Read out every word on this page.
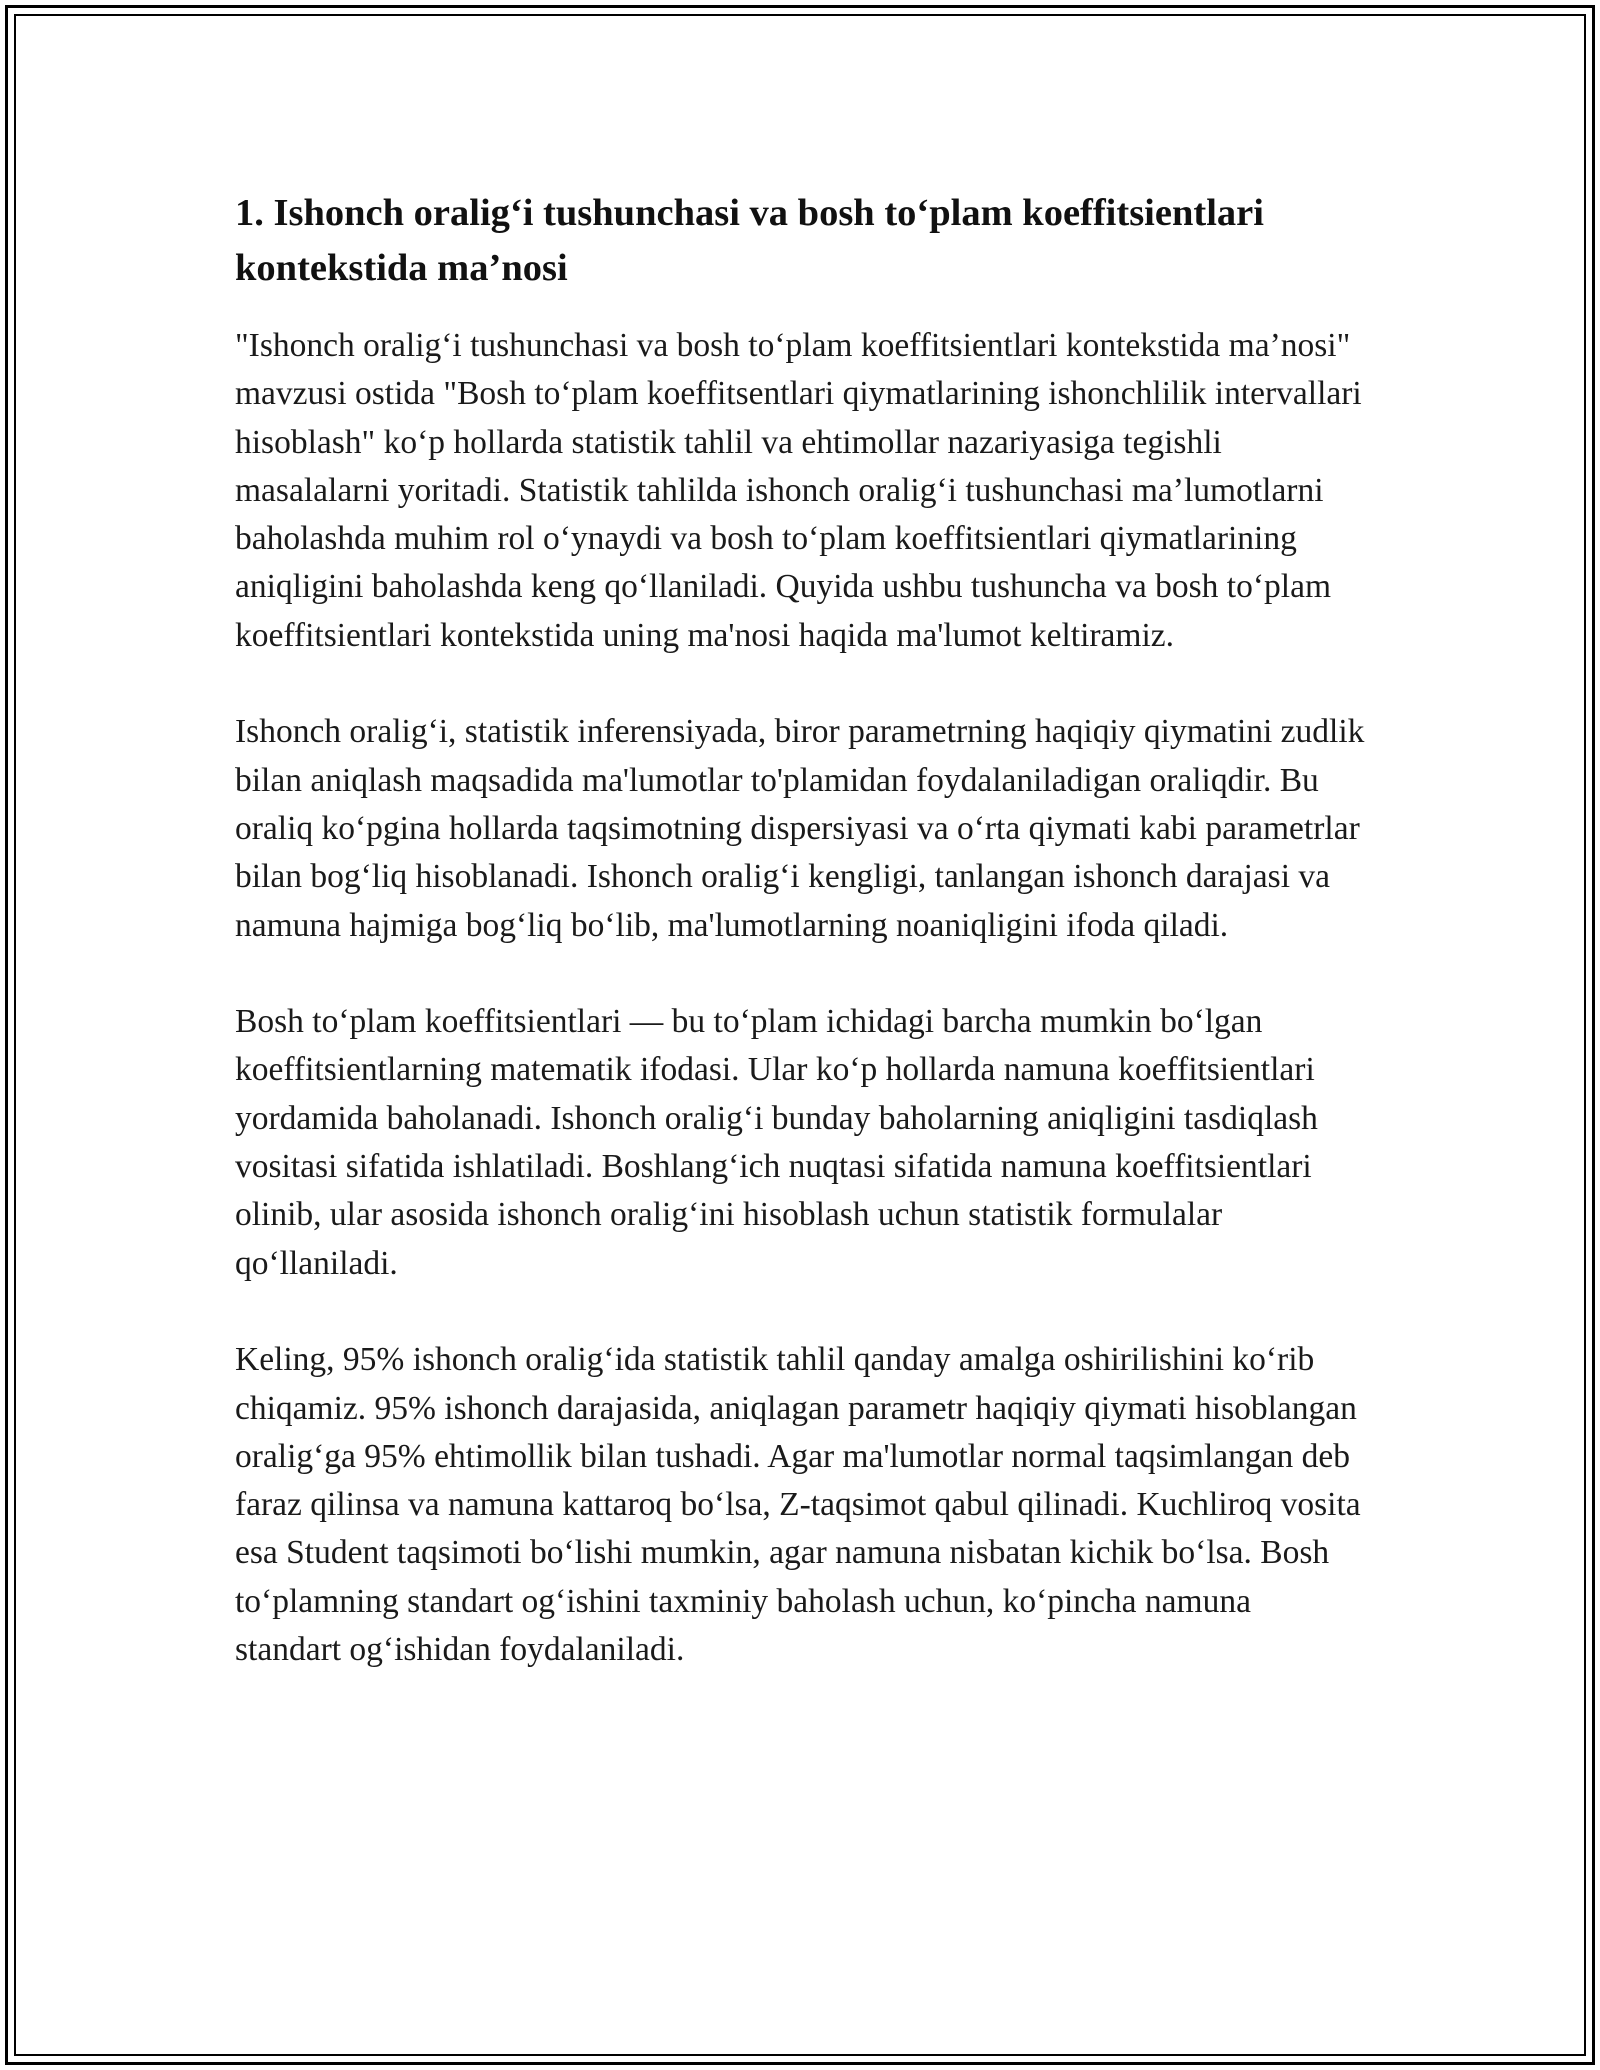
1. Ishonch oralig‘i tushunchasi va bosh to‘plam koeffitsientlari kontekstida ma’nosi

"Ishonch oralig‘i tushunchasi va bosh to‘plam koeffitsientlari kontekstida ma’nosi" mavzusi ostida "Bosh to‘plam koeffitsentlari qiymatlarining ishonchlilik intervallari hisoblash" ko‘p hollarda statistik tahlil va ehtimollar nazariyasiga tegishli masalalarni yoritadi. Statistik tahlilda ishonch oralig‘i tushunchasi ma’lumotlarni baholashda muhim rol o‘ynaydi va bosh to‘plam koeffitsientlari qiymatlarining aniqligini baholashda keng qo‘llaniladi. Quyida ushbu tushuncha va bosh to‘plam koeffitsientlari kontekstida uning ma'nosi haqida ma'lumot keltiramiz.

Ishonch oralig‘i, statistik inferensiyada, biror parametrning haqiqiy qiymatini zudlik bilan aniqlash maqsadida ma'lumotlar to'plamidan foydalaniladigan oraliqdir. Bu oraliq ko‘pgina hollarda taqsimotning dispersiyasi va o‘rta qiymati kabi parametrlar bilan bog‘liq hisoblanadi. Ishonch oralig‘i kengligi, tanlangan ishonch darajasi va namuna hajmiga bog‘liq bo‘lib, ma'lumotlarning noaniqligini ifoda qiladi.

Bosh to‘plam koeffitsientlari — bu to‘plam ichidagi barcha mumkin bo‘lgan koeffitsientlarning matematik ifodasi. Ular ko‘p hollarda namuna koeffitsientlari yordamida baholanadi. Ishonch oralig‘i bunday baholarning aniqligini tasdiqlash vositasi sifatida ishlatiladi. Boshlang‘ich nuqtasi sifatida namuna koeffitsientlari olinib, ular asosida ishonch oralig‘ini hisoblash uchun statistik formulalar qo‘llaniladi.

Keling, 95% ishonch oralig‘ida statistik tahlil qanday amalga oshirilishini ko‘rib chiqamiz. 95% ishonch darajasida, aniqlagan parametr haqiqiy qiymati hisoblangan oralig‘ga 95% ehtimollik bilan tushadi. Agar ma'lumotlar normal taqsimlangan deb faraz qilinsa va namuna kattaroq bo‘lsa, Z-taqsimot qabul qilinadi. Kuchliroq vosita esa Student taqsimoti bo‘lishi mumkin, agar namuna nisbatan kichik bo‘lsa. Bosh to‘plamning standart og‘ishini taxminiy baholash uchun, ko‘pincha namuna standart og‘ishidan foydalaniladi.
